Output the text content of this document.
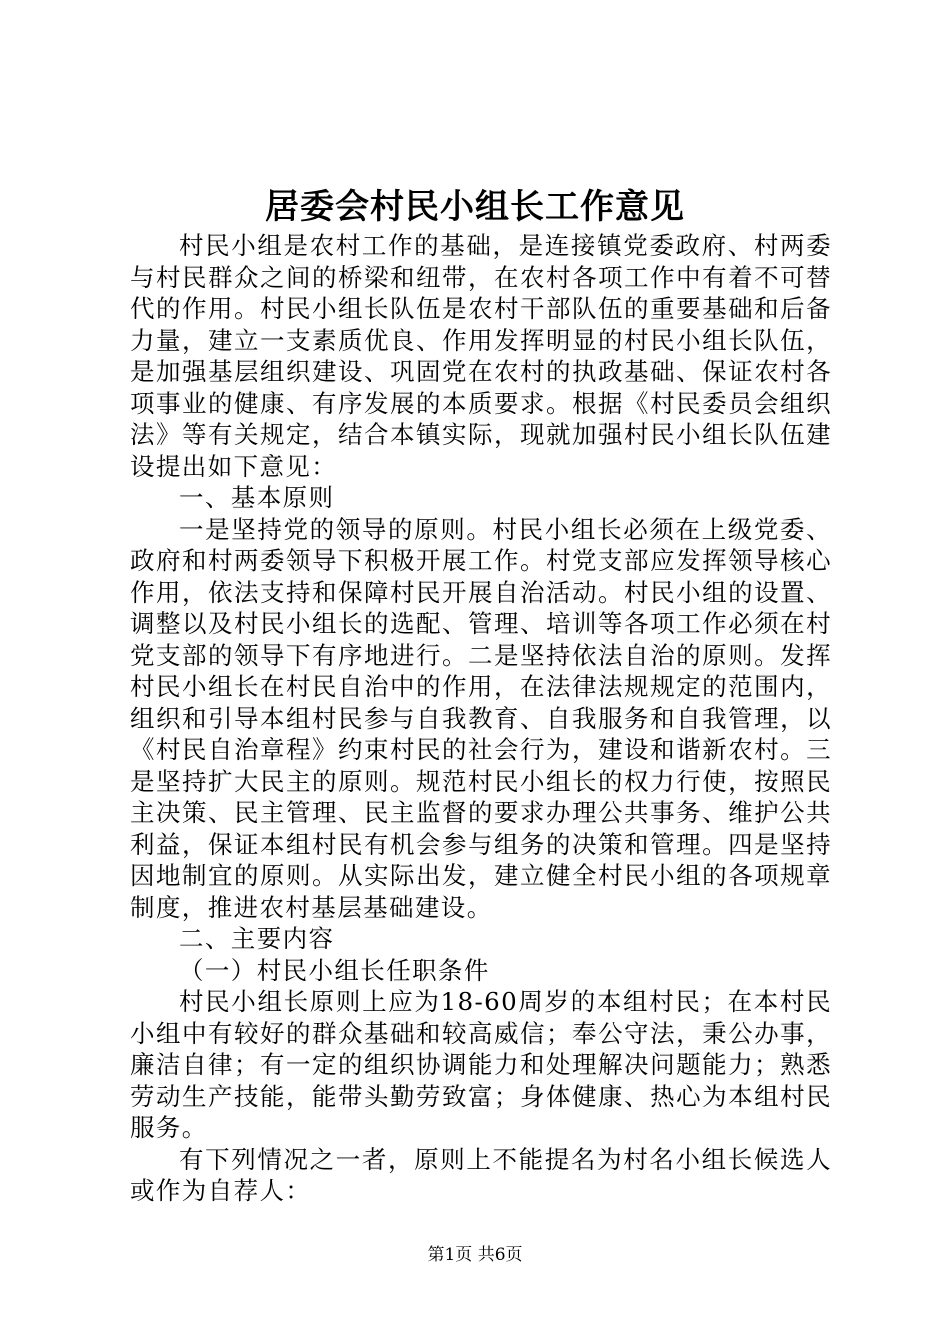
居委会村民小组长工作意见

村民小组是农村工作的基础，是连接镇党委政府、村两委与村民群众之间的桥梁和纽带，在农村各项工作中有着不可替代的作用。村民小组长队伍是农村干部队伍的重要基础和后备力量，建立一支素质优良、作用发挥明显的村民小组长队伍，是加强基层组织建设、巩固党在农村的执政基础、保证农村各项事业的健康、有序发展的本质要求。根据《村民委员会组织法》等有关规定，结合本镇实际，现就加强村民小组长队伍建设提出如下意见：

一、基本原则

一是坚持党的领导的原则。村民小组长必须在上级党委、政府和村两委领导下积极开展工作。村党支部应发挥领导核心作用，依法支持和保障村民开展自治活动。村民小组的设置、调整以及村民小组长的选配、管理、培训等各项工作必须在村党支部的领导下有序地进行。二是坚持依法自治的原则。发挥村民小组长在村民自治中的作用，在法律法规规定的范围内，组织和引导本组村民参与自我教育、自我服务和自我管理，以《村民自治章程》约束村民的社会行为，建设和谐新农村。三是坚持扩大民主的原则。规范村民小组长的权力行使，按照民主决策、民主管理、民主监督的要求办理公共事务、维护公共利益，保证本组村民有机会参与组务的决策和管理。四是坚持因地制宜的原则。从实际出发，建立健全村民小组的各项规章制度，推进农村基层基础建设。

二、主要内容

（一）村民小组长任职条件

村民小组长原则上应为18-60周岁的本组村民；在本村民小组中有较好的群众基础和较高威信；奉公守法，秉公办事，廉洁自律；有一定的组织协调能力和处理解决问题能力；熟悉劳动生产技能，能带头勤劳致富；身体健康、热心为本组村民服务。

有下列情况之一者，原则上不能提名为村名小组长候选人或作为自荐人：

第1页 共6页
